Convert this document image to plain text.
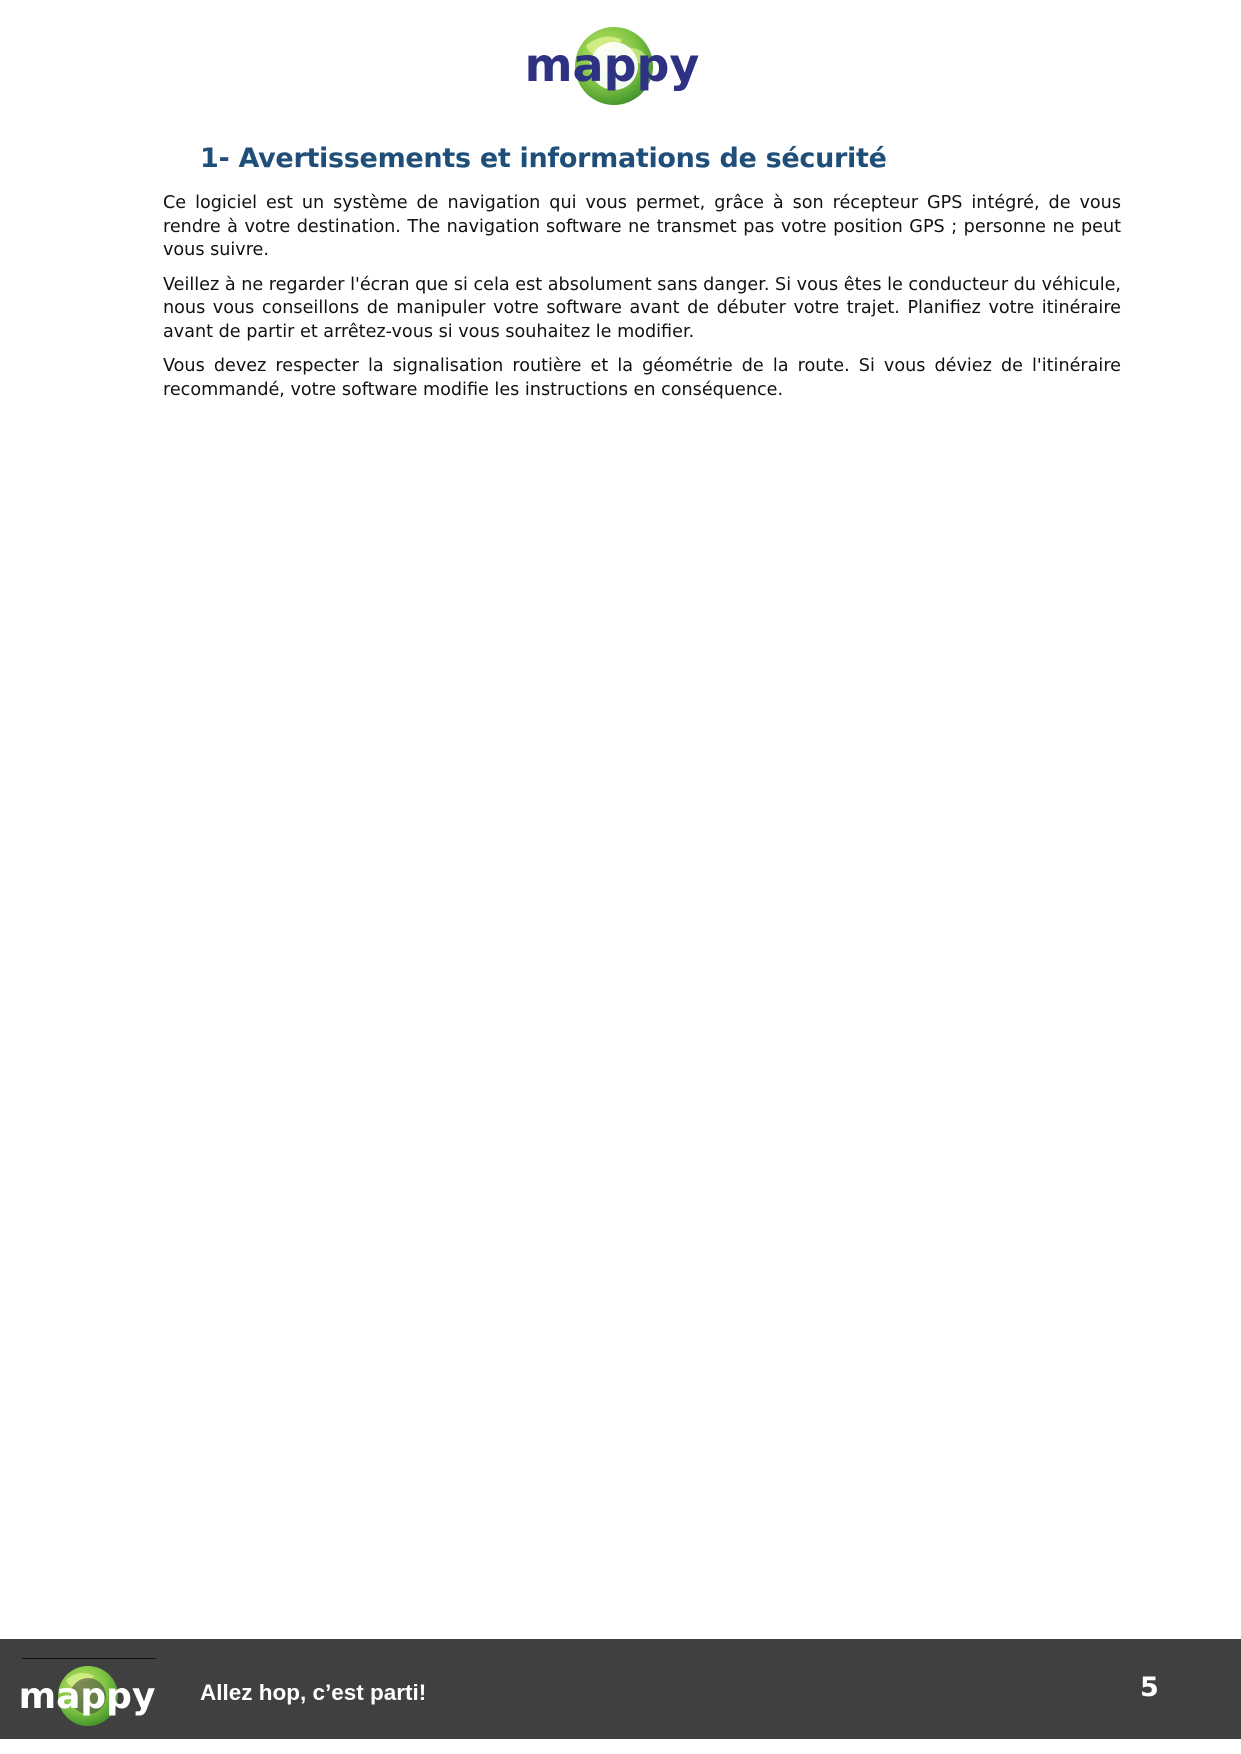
mappy
1- Avertissements et informations de sécurité

Ce logiciel est un système de navigation qui vous permet, grâce à son récepteur GPS intégré, de vous rendre à votre destination. The navigation software ne transmet pas votre position GPS ; personne ne peut vous suivre.

Veillez à ne regarder l'écran que si cela est absolument sans danger. Si vous êtes le conducteur du véhicule, nous vous conseillons de manipuler votre software avant de débuter votre trajet. Planifiez votre itinéraire avant de partir et arrêtez-vous si vous souhaitez le modifier.

Vous devez respecter la signalisation routière et la géométrie de la route. Si vous déviez de l'itinéraire recommandé, votre software modifie les instructions en conséquence.

mappy Allez hop, c’est parti!	5
